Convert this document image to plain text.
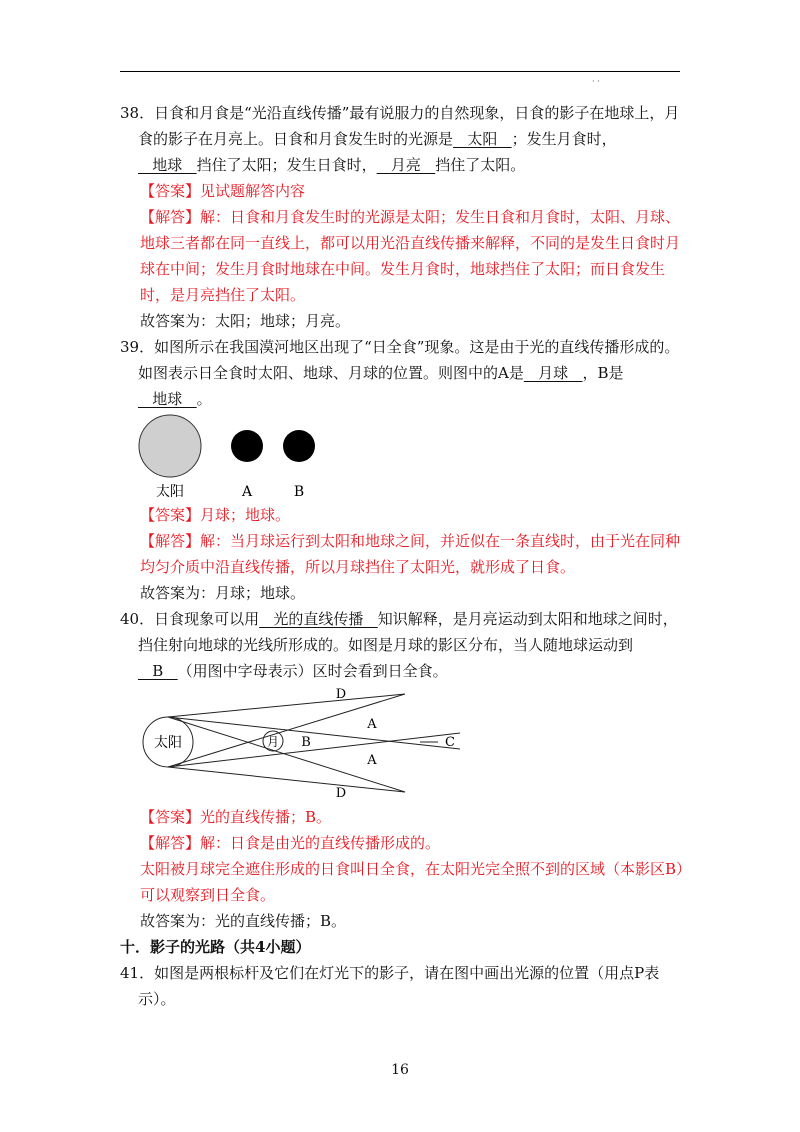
· ·

38．日食和月食是“光沿直线传播”最有说服力的自然现象，日食的影子在地球上，月食的影子在月亮上。日食和月食发生时的光源是   太阳   ；发生月食时，   地球   挡住了太阳；发生日食时，   月亮   挡住了太阳。

【答案】见试题解答内容

【解答】解：日食和月食发生时的光源是太阳；发生日食和月食时，太阳、月球、地球三者都在同一直线上，都可以用光沿直线传播来解释，不同的是发生日食时月球在中间；发生月食时地球在中间。发生月食时，地球挡住了太阳；而日食发生时，是月亮挡住了太阳。

故答案为：太阳；地球；月亮。

39．如图所示在我国漠河地区出现了“日全食”现象。这是由于光的直线传播形成的。如图表示日全食时太阳、地球、月球的位置。则图中的A是   月球   ，B是   地球   。

太阳	A	B

【答案】月球；地球。

【解答】解：当月球运行到太阳和地球之间，并近似在一条直线时，由于光在同种均匀介质中沿直线传播，所以月球挡住了太阳光，就形成了日食。

故答案为：月球；地球。

40．日食现象可以用   光的直线传播   知识解释，是月亮运动到太阳和地球之间时，挡住射向地球的光线所形成的。如图是月球的影区分布，当人随地球运动到   B   （用图中字母表示）区时会看到日全食。

太阳	月
D
A
B	C
A
D

【答案】光的直线传播；B。

【解答】解：日食是由光的直线传播形成的。

太阳被月球完全遮住形成的日食叫日全食，在太阳光完全照不到的区域（本影区B）可以观察到日全食。

故答案为：光的直线传播；B。

十．影子的光路（共4小题）

41．如图是两根标杆及它们在灯光下的影子，请在图中画出光源的位置（用点P表示）。

16
